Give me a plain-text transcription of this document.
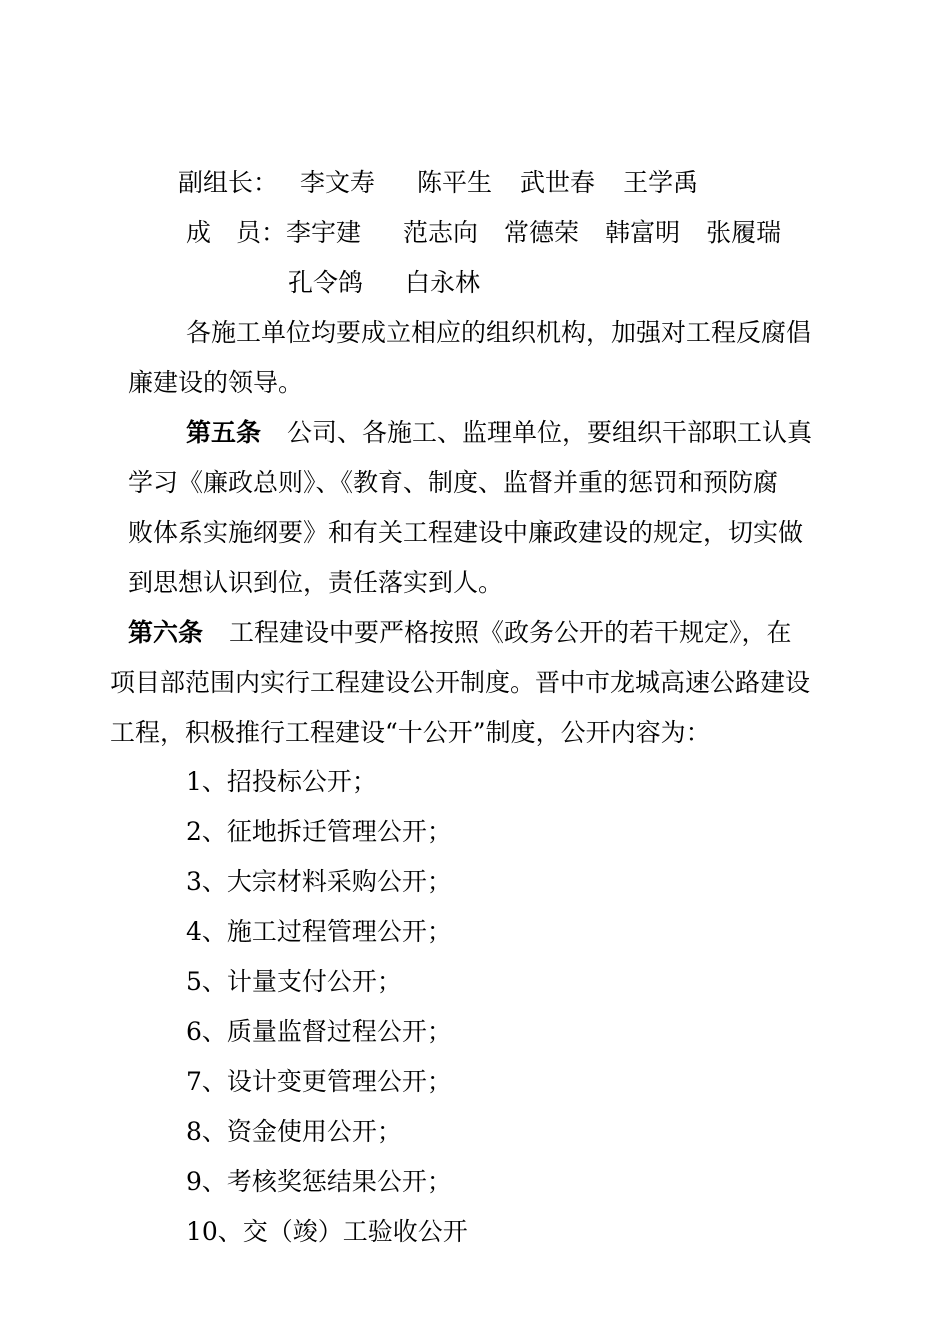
副组长： 李文寿 陈平生 武世春 王学禹
成　员：李宇建 范志向 常德荣 韩富明 张履瑞
孔令鸽 白永林
各施工单位均要成立相应的组织机构，加强对工程反腐倡
廉建设的领导。
第五条 公司、各施工、监理单位，要组织干部职工认真
学习《廉政总则》、《教育、制度、监督并重的惩罚和预防腐
败体系实施纲要》和有关工程建设中廉政建设的规定，切实做
到思想认识到位，责任落实到人。
第六条 工程建设中要严格按照《政务公开的若干规定》，在
项目部范围内实行工程建设公开制度。晋中市龙城高速公路建设
工程，积极推行工程建设“十公开”制度，公开内容为：
1、招投标公开；
2、征地拆迁管理公开；
3、大宗材料采购公开；
4、施工过程管理公开；
5、计量支付公开；
6、质量监督过程公开；
7、设计变更管理公开；
8、资金使用公开；
9、考核奖惩结果公开；
10、交（竣）工验收公开
